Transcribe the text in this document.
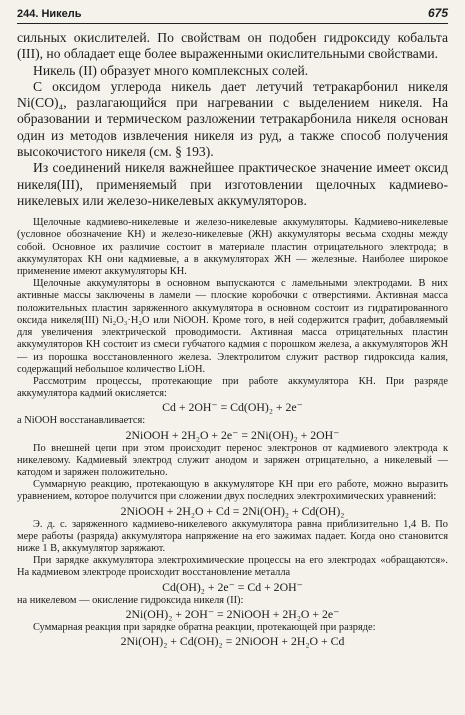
244. Никель	675

сильных окислителей. По свойствам он подобен гидроксиду кобальта (III), но обладает еще более выраженными окислительными свойствами.

Никель (II) образует много комплексных солей.

С оксидом углерода никель дает летучий тетракарбонил никеля Ni(CO)₄, разлагающийся при нагревании с выделением никеля. На образовании и термическом разложении тетракарбонила никеля основан один из методов извлечения никеля из руд, а также способ получения высокочистого никеля (см. § 193).

Из соединений никеля важнейшее практическое значение имеет оксид никеля(III), применяемый при изготовлении щелочных кадмиево-никелевых или железо-никелевых аккумуляторов.

Щелочные кадмиево-никелевые и железо-никелевые аккумуляторы. Кадмиево-никелевые (условное обозначение КН) и железо-никелевые (ЖН) аккумуляторы весьма сходны между собой. Основное их различие состоит в материале пластин отрицательного электрода; в аккумуляторах КН они кадмиевые, а в аккумуляторах ЖН — железные. Наиболее широкое применение имеют аккумуляторы КН.

Щелочные аккумуляторы в основном выпускаются с ламельными электродами. В них активные массы заключены в ламели — плоские коробочки с отверстиями. Активная масса положительных пластин заряженного аккумулятора в основном состоит из гидратированного оксида никеля(III) Ni₂O₃·H₂O или NiOOH. Кроме того, в ней содержится графит, добавляемый для увеличения электрической проводимости. Активная масса отрицательных пластин аккумуляторов КН состоит из смеси губчатого кадмия с порошком железа, а аккумуляторов ЖН — из порошка восстановленного железа. Электролитом служит раствор гидроксида калия, содержащий небольшое количество LiOH.

Рассмотрим процессы, протекающие при работе аккумулятора КН. При разряде аккумулятора кадмий окисляется:

Cd + 2OH⁻ = Cd(OH)₂ + 2e⁻

а NiOOH восстанавливается:

2NiOOH + 2H₂O + 2e⁻ = 2Ni(OH)₂ + 2OH⁻

По внешней цепи при этом происходит перенос электронов от кадмиевого электрода к никелевому. Кадмиевый электрод служит анодом и заряжен отрицательно, а никелевый — катодом и заряжен положительно.

Суммарную реакцию, протекающую в аккумуляторе КН при его работе, можно выразить уравнением, которое получится при сложении двух последних электрохимических уравнений:

2NiOOH + 2H₂O + Cd = 2Ni(OH)₂ + Cd(OH)₂

Э. д. с. заряженного кадмиево-никелевого аккумулятора равна приблизительно 1,4 В. По мере работы (разряда) аккумулятора напряжение на его зажимах падает. Когда оно становится ниже 1 В, аккумулятор заряжают.

При зарядке аккумулятора электрохимические процессы на его электродах «обращаются». На кадмиевом электроде происходит восстановление металла

Cd(OH)₂ + 2e⁻ = Cd + 2OH⁻

на никелевом — окисление гидроксида никеля (II):

2Ni(OH)₂ + 2OH⁻ = 2NiOOH + 2H₂O + 2e⁻

Суммарная реакция при зарядке обратна реакции, протекающей при разряде:

2Ni(OH)₂ + Cd(OH)₂ = 2NiOOH + 2H₂O + Cd
